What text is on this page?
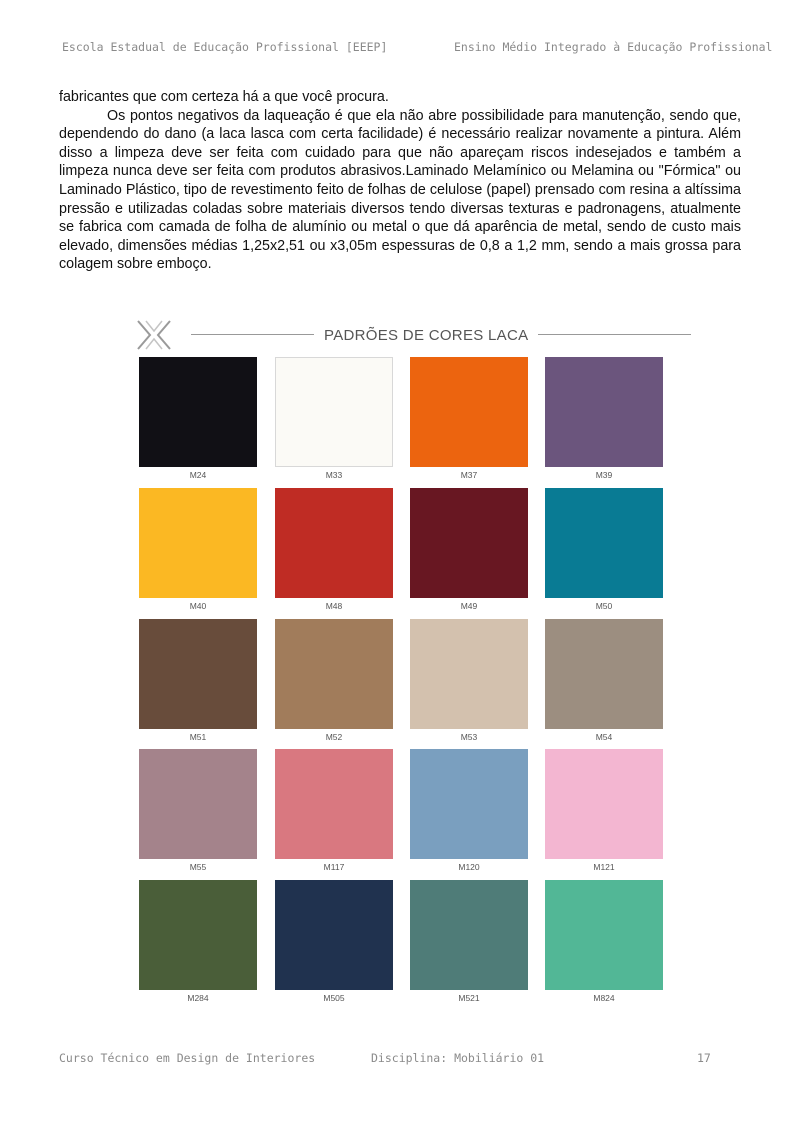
Escola Estadual de Educação Profissional [EEEP]	Ensino Médio Integrado à Educação Profissional

fabricantes que com certeza há a que você procura.

Os pontos negativos da laqueação é que ela não abre possibilidade para manutenção, sendo que, dependendo do dano (a laca lasca com certa facilidade) é necessário realizar novamente a pintura. Além disso a limpeza deve ser feita com cuidado para que não apareçam riscos indesejados e também a limpeza nunca deve ser feita com produtos abrasivos.Laminado Melamínico ou Melamina ou "Fórmica" ou Laminado Plástico, tipo de revestimento feito de folhas de celulose (papel) prensado com resina a altíssima pressão e utilizadas coladas sobre materiais diversos tendo diversas texturas e padronagens, atualmente se fabrica com camada de folha de alumínio ou metal o que dá aparência de metal, sendo de custo mais elevado, dimensões médias 1,25x2,51 ou x3,05m espessuras de 0,8 a 1,2 mm, sendo a mais grossa para colagem sobre emboço.

PADRÕES DE CORES LACA
M24	M33	M37	M39
M40	M48	M49	M50
M51	M52	M53	M54
M55	M117	M120	M121
M284	M505	M521	M824
Curso Técnico em Design de Interiores	Disciplina: Mobiliário 01	17
